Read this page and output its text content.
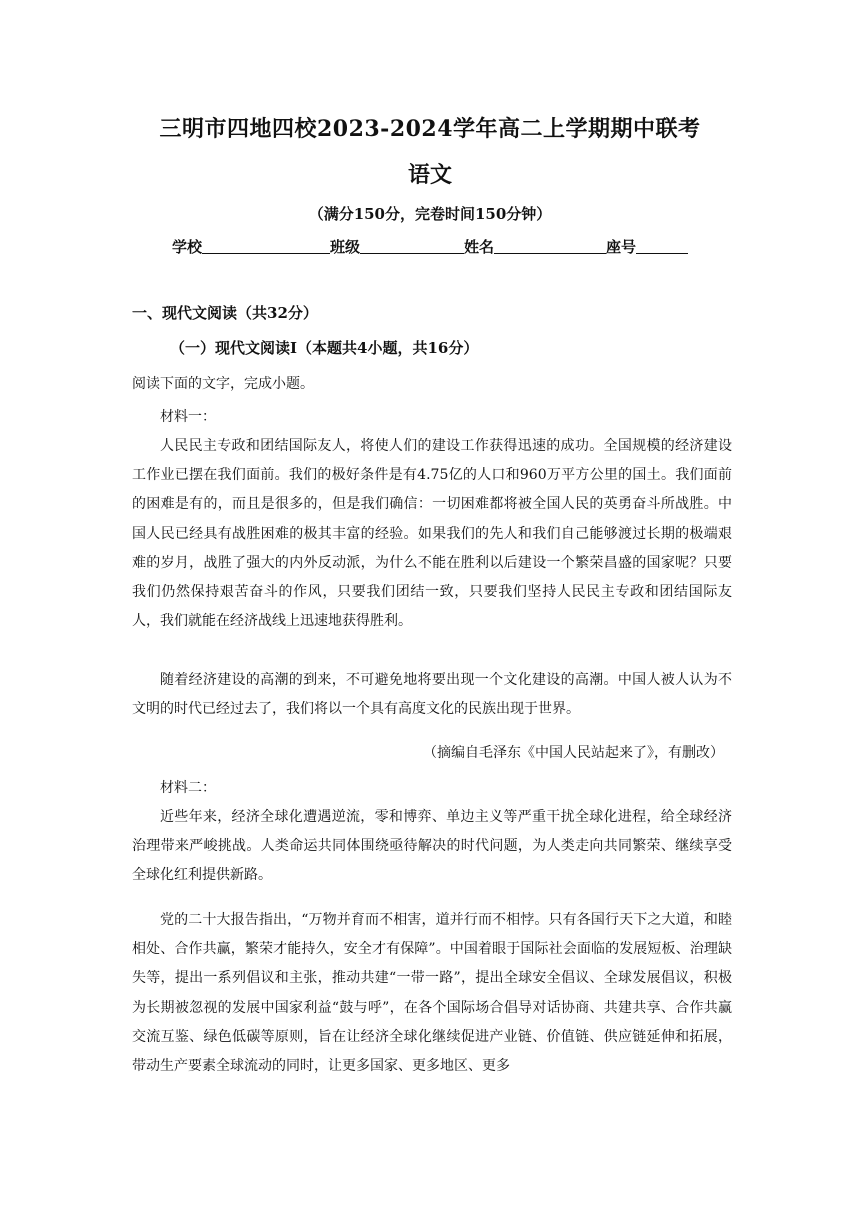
三明市四地四校2023-2024学年高二上学期期中联考
语文
（满分150分，完卷时间150分钟）
学校	班级	姓名	座号
一、现代文阅读（共32分）
（一）现代文阅读Ⅰ（本题共4小题，共16分）
阅读下面的文字，完成小题。
材料一：

人民民主专政和团结国际友人，将使人们的建设工作获得迅速的成功。全国规模的经济建设工作业已摆在我们面前。我们的极好条件是有4.75亿的人口和960万平方公里的国土。我们面前的困难是有的，而且是很多的，但是我们确信：一切困难都将被全国人民的英勇奋斗所战胜。中国人民已经具有战胜困难的极其丰富的经验。如果我们的先人和我们自己能够渡过长期的极端艰难的岁月，战胜了强大的内外反动派，为什么不能在胜利以后建设一个繁荣昌盛的国家呢？只要我们仍然保持艰苦奋斗的作风，只要我们团结一致，只要我们坚持人民民主专政和团结国际友人，我们就能在经济战线上迅速地获得胜利。

随着经济建设的高潮的到来，不可避免地将要出现一个文化建设的高潮。中国人被人认为不文明的时代已经过去了，我们将以一个具有高度文化的民族出现于世界。

（摘编自毛泽东《中国人民站起来了》，有删改）
材料二：

近些年来，经济全球化遭遇逆流，零和博弈、单边主义等严重干扰全球化进程，给全球经济治理带来严峻挑战。人类命运共同体围绕亟待解决的时代问题，为人类走向共同繁荣、继续享受全球化红利提供新路。

党的二十大报告指出，“万物并育而不相害，道并行而不相悖。只有各国行天下之大道，和睦相处、合作共赢，繁荣才能持久，安全才有保障”。中国着眼于国际社会面临的发展短板、治理缺失等，提出一系列倡议和主张，推动共建“一带一路”，提出全球安全倡议、全球发展倡议，积极为长期被忽视的发展中国家利益“鼓与呼”，在各个国际场合倡导对话协商、共建共享、合作共赢交流互鉴、绿色低碳等原则，旨在让经济全球化继续促进产业链、价值链、供应链延伸和拓展，带动生产要素全球流动的同时，让更多国家、更多地区、更多
